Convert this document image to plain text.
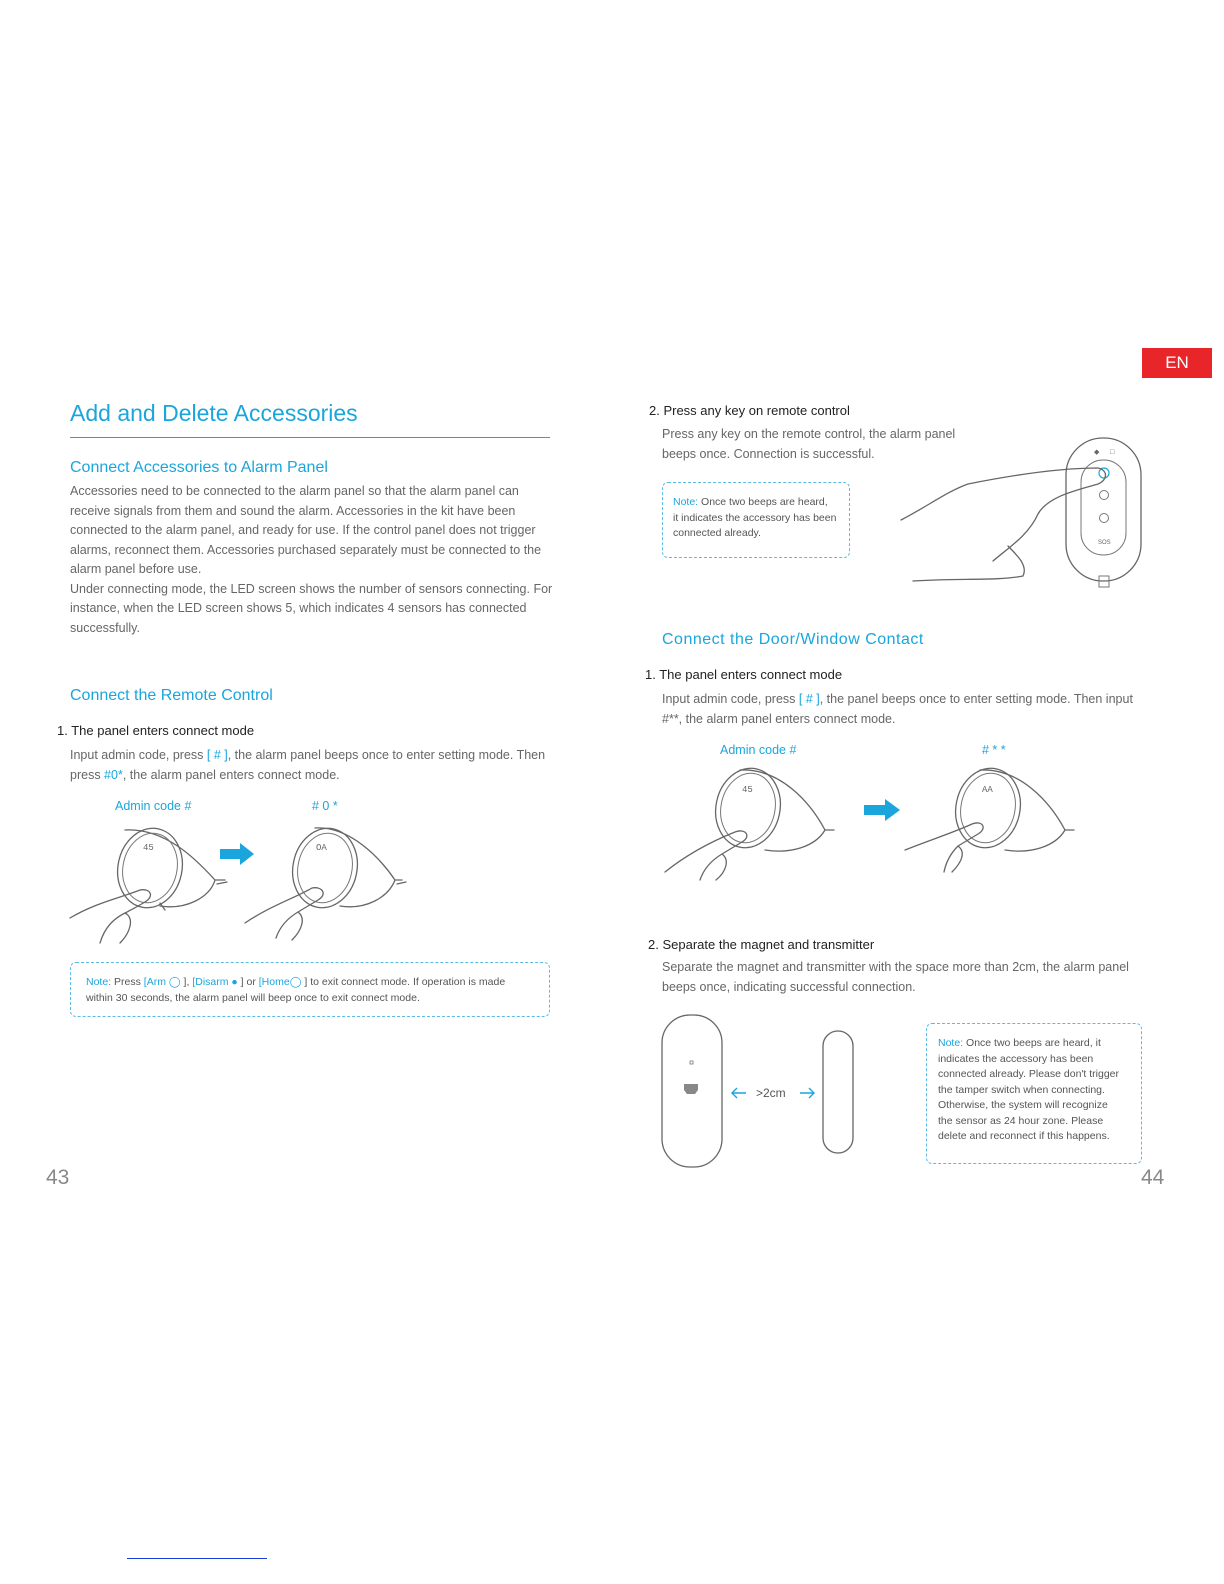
EN
Add and Delete Accessories
Connect Accessories to Alarm Panel
Accessories need to be connected to the alarm panel so that the alarm panel can
receive signals from them and sound the alarm. Accessories in the kit have been
connected to the alarm panel, and ready for use. If the control panel does not trigger
alarms, reconnect them. Accessories purchased separately must be connected to the
alarm panel before use.
Under connecting mode, the LED screen shows the number of sensors connecting. For
instance, when the LED screen shows 5, which indicates 4 sensors has connected
successfully.
Connect the Remote Control
1. The panel enters connect mode
Input admin code, press [ # ], the alarm panel beeps once to enter setting mode. Then
press #0*, the alarm panel enters connect mode.
Admin code #	# 0 *
45	OA
Note: Press [Arm ◯ ], [Disarm ● ] or [Home◯ ] to exit connect mode. If operation is made
within 30 seconds, the alarm panel will beep once to exit connect mode.
43
2. Press any key on remote control
Press any key on the remote control, the alarm panel
beeps once. Connection is successful.
Note: Once two beeps are heard,
it indicates the accessory has been
connected already.
◆ □
SOS
Connect the Door/Window Contact
1. The panel enters connect mode
Input admin code, press [ # ], the panel beeps once to enter setting mode. Then input
#**, the alarm panel enters connect mode.
Admin code #	# * *
45	AA
2. Separate the magnet and transmitter
Separate the magnet and transmitter with the space more than 2cm, the alarm panel
beeps once, indicating successful connection.
>2cm
Note: Once two beeps are heard, it
indicates the accessory has been
connected already. Please don't trigger
the tamper switch when connecting.
Otherwise, the system will recognize
the sensor as 24 hour zone. Please
delete and reconnect if this happens.
44
